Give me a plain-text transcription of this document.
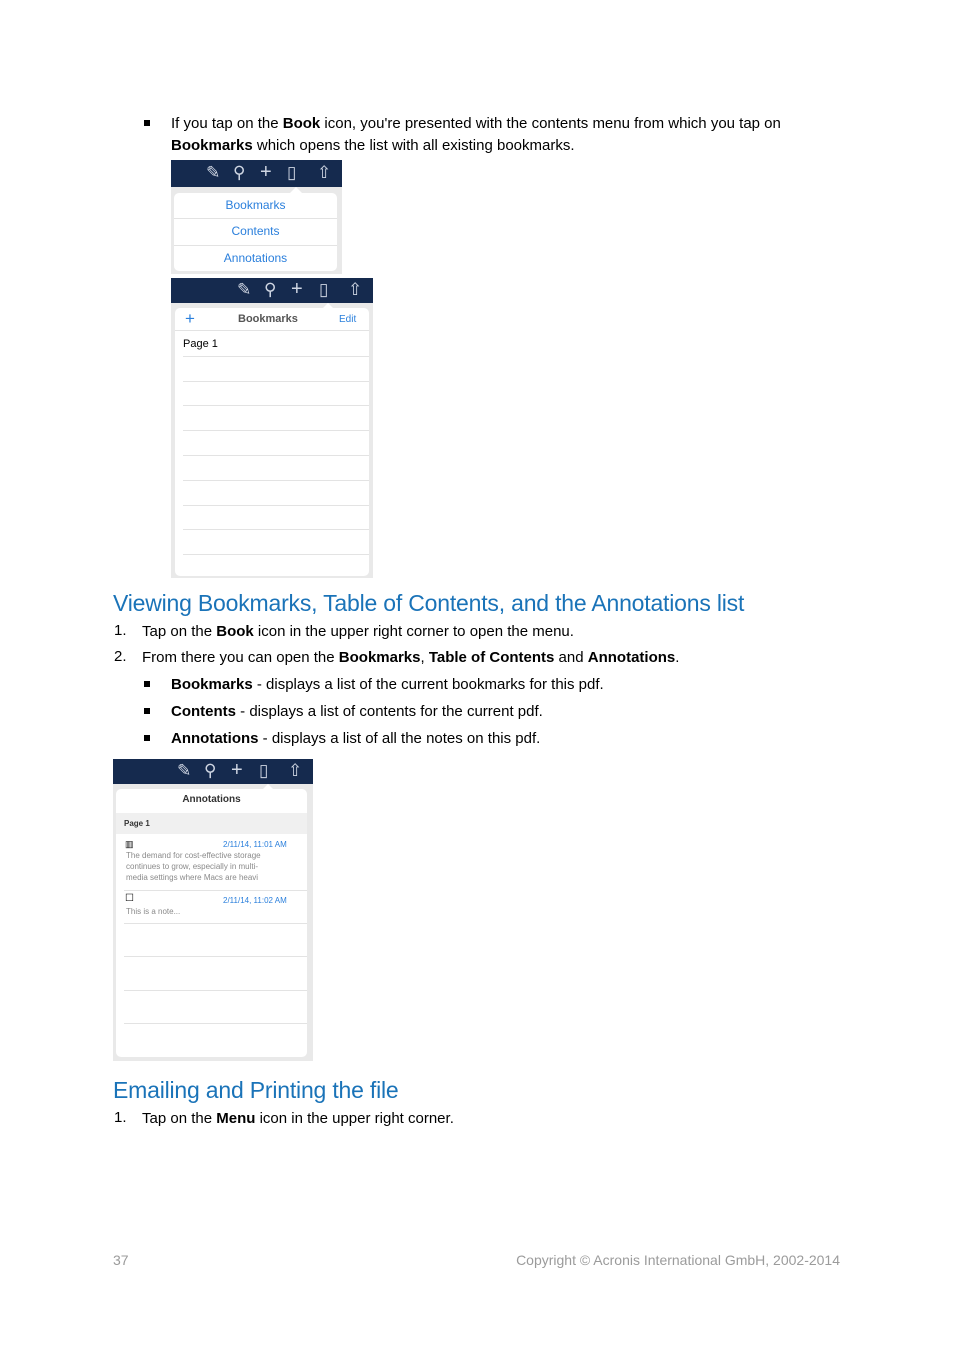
If you tap on the Book icon, you're presented with the contents menu from which you tap on
Bookmarks which opens the list with all existing bookmarks.
✎ ⚲ + ▯ ⇧
Bookmarks
Contents
Annotations
✎ ⚲ + ▯ ⇧
+	Bookmarks	Edit
Page 1
Viewing Bookmarks, Table of Contents, and the Annotations list
1. Tap on the Book icon in the upper right corner to open the menu.
2. From there you can open the Bookmarks, Table of Contents and Annotations.
Bookmarks - displays a list of the current bookmarks for this pdf.
Contents - displays a list of contents for the current pdf.
Annotations - displays a list of all the notes on this pdf.
✎ ⚲ + ▯ ⇧
Annotations
Page 1
▥	2/11/14, 11:01 AM
The demand for cost-effective storage
continues to grow, especially in multi-
media settings where Macs are heavi
☐	2/11/14, 11:02 AM
This is a note...
Emailing and Printing the file
1. Tap on the Menu icon in the upper right corner.
37	Copyright © Acronis International GmbH, 2002-2014
